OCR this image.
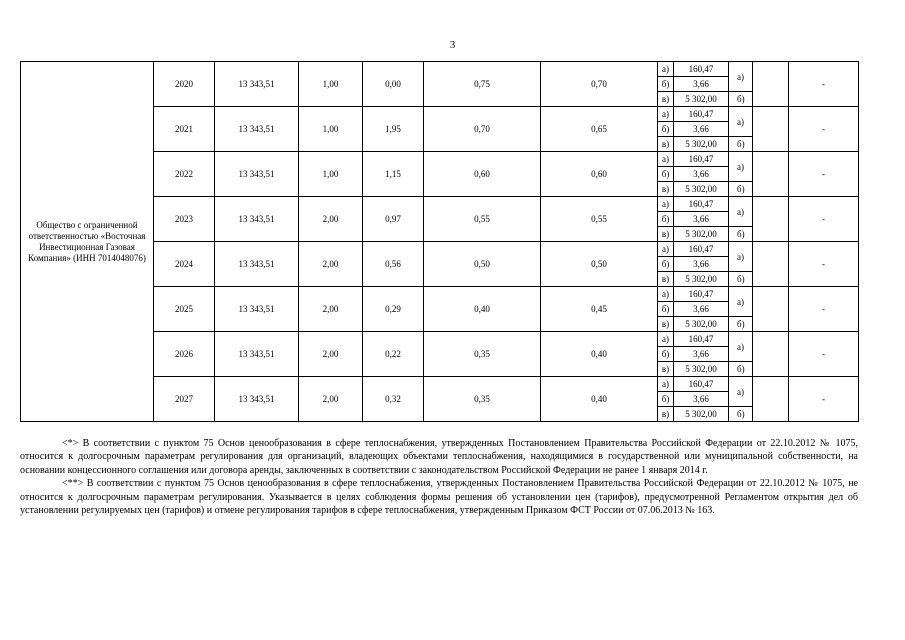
3
Общество с ограниченной ответственностью «Восточная Инвестиционная Газовая Компания» (ИНН 7014048076)	2020	13 343,51	1,00	0,00	0,75	0,70	а)	160,47	а)		-
							б)	3,66			
							в)	5 302,00	б)		
	2021	13 343,51	1,00	1,95	0,70	0,65	а)	160,47	а)		-
							б)	3,66			
							в)	5 302,00	б)		
	2022	13 343,51	1,00	1,15	0,60	0,60	а)	160,47	а)		-
							б)	3,66			
							в)	5 302,00	б)		
	2023	13 343,51	2,00	0,97	0,55	0,55	а)	160,47	а)		-
							б)	3,66			
							в)	5 302,00	б)		
	2024	13 343,51	2,00	0,56	0,50	0,50	а)	160,47	а)		-
							б)	3,66			
							в)	5 302,00	б)		
	2025	13 343,51	2,00	0,29	0,40	0,45	а)	160,47	а)		-
							б)	3,66			
							в)	5 302,00	б)		
	2026	13 343,51	2,00	0,22	0,35	0,40	а)	160,47	а)		-
							б)	3,66			
							в)	5 302,00	б)		
	2027	13 343,51	2,00	0,32	0,35	0,40	а)	160,47	а)		-
							б)	3,66			
							в)	5 302,00	б)		

<*> В соответствии с пунктом 75 Основ ценообразования в сфере теплоснабжения, утвержденных Постановлением Правительства Российской Федерации от 22.10.2012 № 1075, относится к долгосрочным параметрам регулирования для организаций, владеющих объектами теплоснабжения, находящимися в государственной или муниципальной собственности, на основании концессионного соглашения или договора аренды, заключенных в соответствии с законодательством Российской Федерации не ранее 1 января 2014 г.

<**> В соответствии с пунктом 75 Основ ценообразования в сфере теплоснабжения, утвержденных Постановлением Правительства Российской Федерации от 22.10.2012 № 1075, не относится к долгосрочным параметрам регулирования. Указывается в целях соблюдения формы решения об установлении цен (тарифов), предусмотренной Регламентом открытия дел об установлении регулируемых цен (тарифов) и отмене регулирования тарифов в сфере теплоснабжения, утвержденным Приказом ФСТ России от 07.06.2013 № 163.
